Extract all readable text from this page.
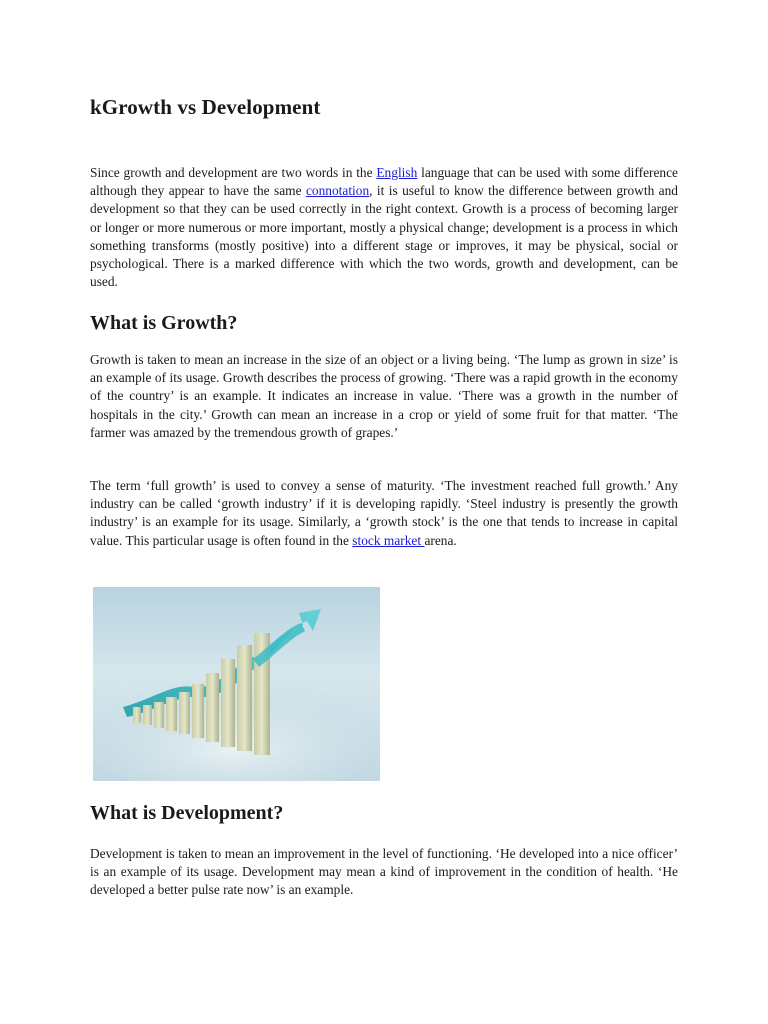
kGrowth vs Development

Since growth and development are two words in the English language that can be used with some difference although they appear to have the same connotation, it is useful to know the difference between growth and development so that they can be used correctly in the right context. Growth is a process of becoming larger or longer or more numerous or more important, mostly a physical change; development is a process in which something transforms (mostly positive) into a different stage or improves, it may be physical, social or psychological. There is a marked difference with which the two words, growth and development, can be used.

What is Growth?

Growth is taken to mean an increase in the size of an object or a living being. ‘The lump as grown in size’ is an example of its usage. Growth describes the process of growing. ‘There was a rapid growth in the economy of the country’ is an example. It indicates an increase in value. ‘There was a growth in the number of hospitals in the city.’ Growth can mean an increase in a crop or yield of some fruit for that matter. ‘The farmer was amazed by the tremendous growth of grapes.’

The term ‘full growth’ is used to convey a sense of maturity. ‘The investment reached full growth.’ Any industry can be called ‘growth industry’ if it is developing rapidly. ‘Steel industry is presently the growth industry’ is an example for its usage. Similarly, a ‘growth stock’ is the one that tends to increase in capital value. This particular usage is often found in the stock market arena.

What is Development?

Development is taken to mean an improvement in the level of functioning. ‘He developed into a nice officer’ is an example of its usage. Development may mean a kind of improvement in the condition of health. ‘He developed a better pulse rate now’ is an example.
